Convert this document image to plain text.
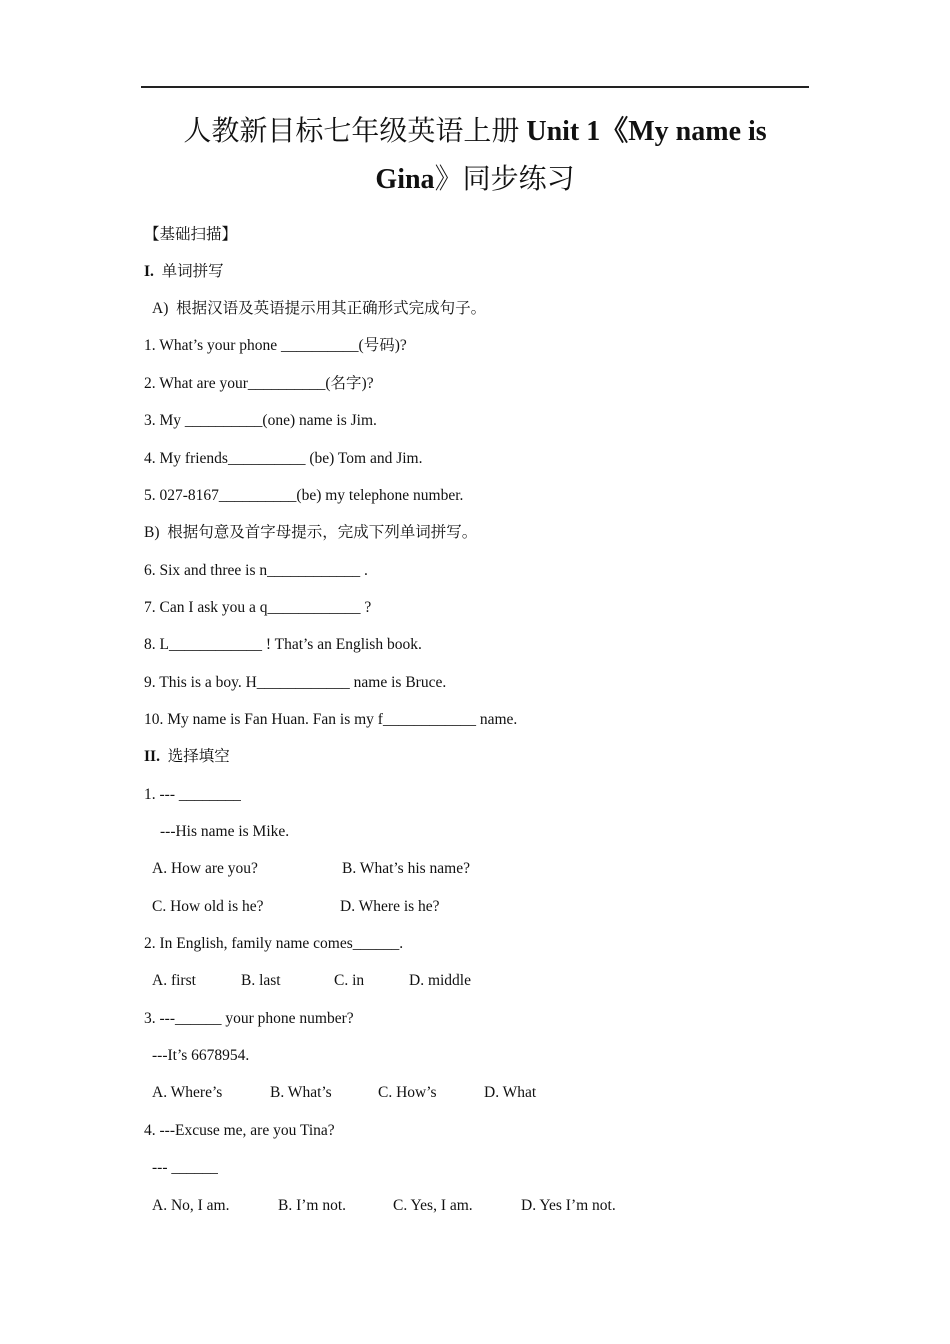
人教新目标七年级英语上册 Unit 1《My name is
Gina》同步练习
【基础扫描】
I. 单词拼写
A)  根据汉语及英语提示用其正确形式完成句子。
1. What’s your phone __________(号码)?
2. What are your__________(名字)?
3. My __________(one) name is Jim.
4. My friends__________ (be) Tom and Jim.
5. 027-8167__________(be) my telephone number.
B)  根据句意及首字母提示，完成下列单词拼写。
6. Six and three is n____________ .
7. Can I ask you a q____________ ?
8. L____________ ! That’s an English book.
9. This is a boy. H____________ name is Bruce.
10. My name is Fan Huan. Fan is my f____________ name.
II. 选择填空
1. --- ________
---His name is Mike.
A. How are you?	B. What’s his name?
C. How old is he?	D. Where is he?
2. In English, family name comes______.
A. first	B. last	C. in	D. middle
3. ---______ your phone number?
---It’s 6678954.
A. Where’s	B. What’s	C. How’s	D. What
4. ---Excuse me, are you Tina?
--- ______
A. No, I am.	B. I’m not.	C. Yes, I am.	D. Yes I’m not.
